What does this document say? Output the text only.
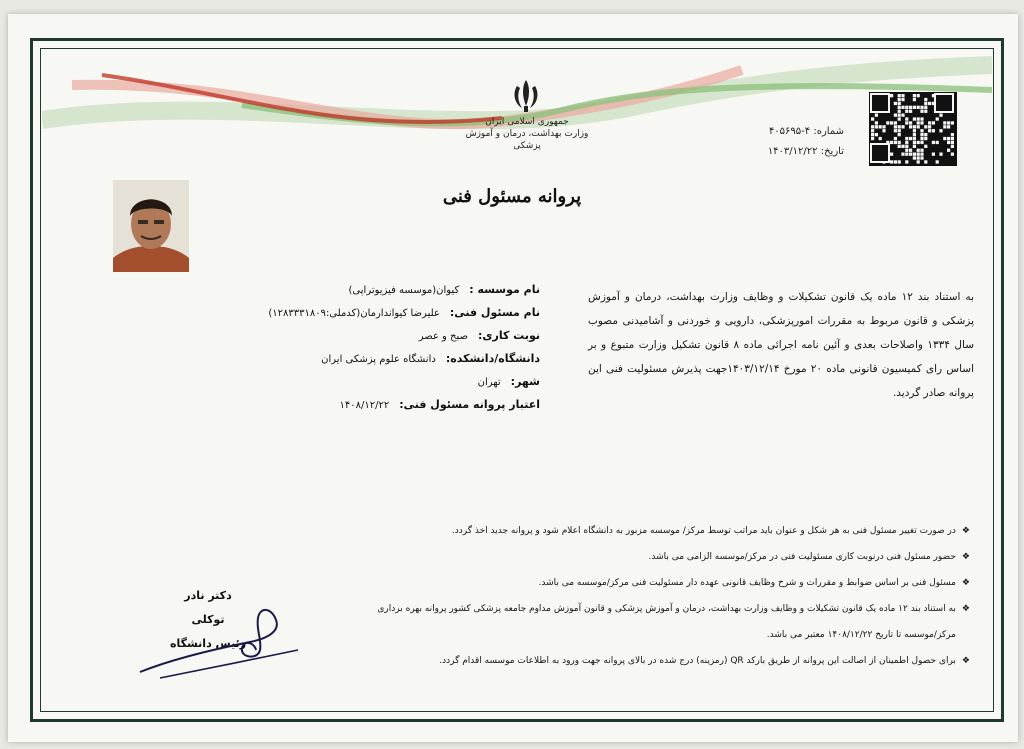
جمهوری اسلامی ایران
وزارت بهداشت، درمان و آموزش پزشکی
شماره: ۴-۴۰۵۶۹۵
تاریخ: ۱۴۰۳/۱۲/۲۲
پروانه مسئول فنی
نام موسسه :کیوان(موسسه فیزیوتراپی)
نام مسئول فنی:علیرضا کیواندارمان(کدملی:۱۲۸۳۳۳۱۸۰۹)
نوبت کاری:صبح و عصر
دانشگاه/دانشکده:دانشگاه علوم پزشکی ایران
شهر:تهران
اعتبار پروانه مسئول فنی:۱۴۰۸/۱۲/۲۲
به استناد بند ۱۲ ماده یک قانون تشکیلات و وظایف وزارت بهداشت، درمان و آموزش پزشکی و قانون مربوط به مقررات امورپزشکی، دارویی و خوردنی و آشامیدنی مصوب سال ۱۳۳۴ واصلاحات بعدی و آئین نامه اجرائی ماده ۸ قانون تشکیل وزارت متبوع و بر اساس رای کمیسیون قانونی ماده ۲۰ مورخ ۱۴۰۳/۱۲/۱۴جهت پذیرش مسئولیت فنی این پروانه صادر گردید.
❖در صورت تغییر مسئول فنی به هر شکل و عنوان باید مراتب توسط مرکز/ موسسه مزبور به دانشگاه اعلام شود و پروانه جدید اخذ گردد.
❖حضور مسئول فنی درنوبت کاری مسئولیت فنی در مرکز/موسسه الزامی می باشد.
❖مسئول فنی بر اساس ضوابط و مقررات و شرح وظایف قانونی عهده دار مسئولیت فنی مرکز/موسسه می باشد.
❖به استناد بند ۱۲ ماده یک قانون تشکیلات و وظایف وزارت بهداشت، درمان و آموزش پزشکی و قانون آموزش مداوم جامعه پزشکی کشور پروانه بهره برداری
مرکز/موسسه تا تاریخ ۱۴۰۸/۱۲/۲۲ معتبر می باشد.
❖برای حصول اطمینان از اصالت این پروانه از طریق بارکد QR (رمزینه) درج شده در بالای پروانه جهت ورود به اطلاعات موسسه اقدام گردد.
دکتر نادر توکلی
رئیس دانشگاه
